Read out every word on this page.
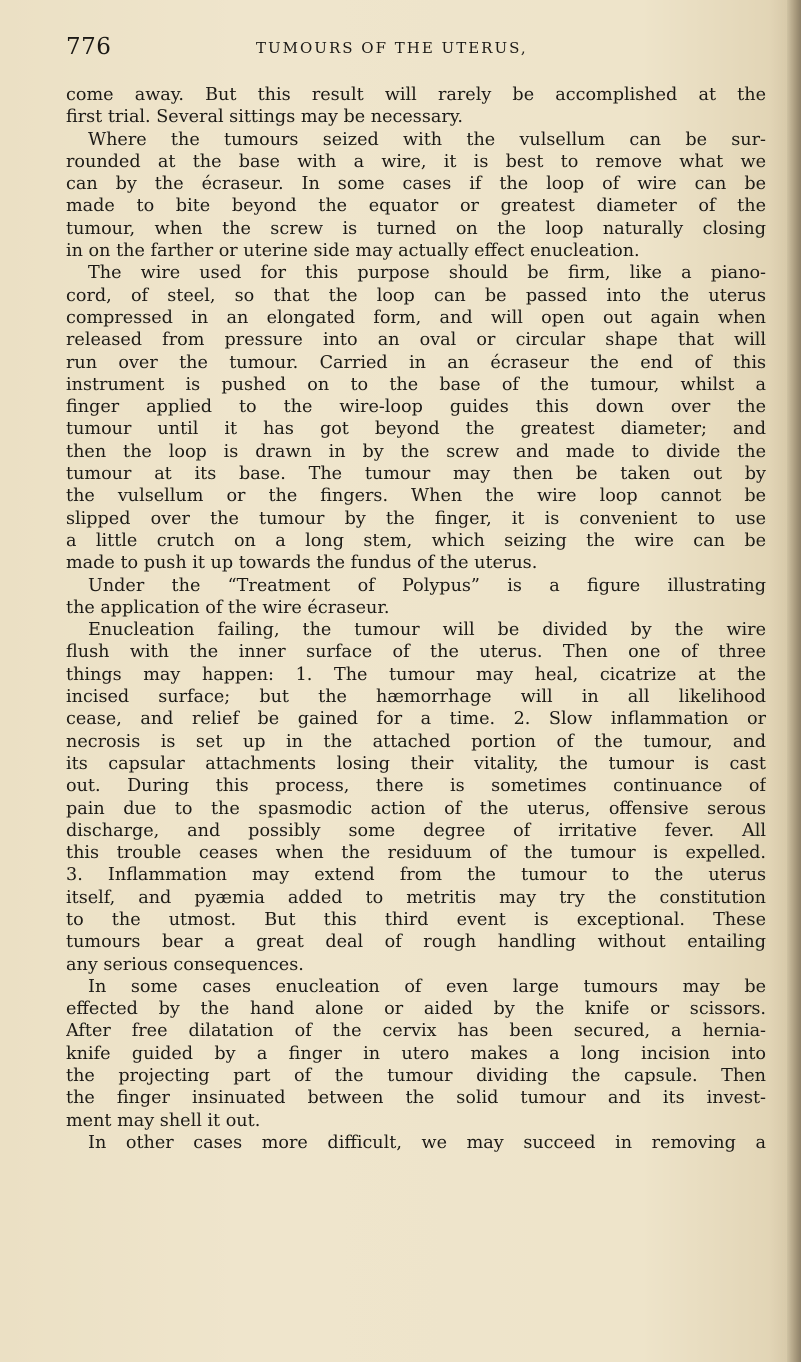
776	TUMOURS OF THE UTERUS,
come away. But this result will rarely be accomplished at the
first trial. Several sittings may be necessary.
Where the tumours seized with the vulsellum can be sur-
rounded at the base with a wire, it is best to remove what we
can by the écraseur. In some cases if the loop of wire can be
made to bite beyond the equator or greatest diameter of the
tumour, when the screw is turned on the loop naturally closing
in on the farther or uterine side may actually effect enucleation.
The wire used for this purpose should be firm, like a piano-
cord, of steel, so that the loop can be passed into the uterus
compressed in an elongated form, and will open out again when
released from pressure into an oval or circular shape that will
run over the tumour. Carried in an écraseur the end of this
instrument is pushed on to the base of the tumour, whilst a
finger applied to the wire-loop guides this down over the
tumour until it has got beyond the greatest diameter; and
then the loop is drawn in by the screw and made to divide the
tumour at its base. The tumour may then be taken out by
the vulsellum or the fingers. When the wire loop cannot be
slipped over the tumour by the finger, it is convenient to use
a little crutch on a long stem, which seizing the wire can be
made to push it up towards the fundus of the uterus.
Under the “Treatment of Polypus” is a figure illustrating
the application of the wire écraseur.
Enucleation failing, the tumour will be divided by the wire
flush with the inner surface of the uterus. Then one of three
things may happen: 1. The tumour may heal, cicatrize at the
incised surface; but the hæmorrhage will in all likelihood
cease, and relief be gained for a time. 2. Slow inflammation or
necrosis is set up in the attached portion of the tumour, and
its capsular attachments losing their vitality, the tumour is cast
out. During this process, there is sometimes continuance of
pain due to the spasmodic action of the uterus, offensive serous
discharge, and possibly some degree of irritative fever. All
this trouble ceases when the residuum of the tumour is expelled.
3. Inflammation may extend from the tumour to the uterus
itself, and pyæmia added to metritis may try the constitution
to the utmost. But this third event is exceptional. These
tumours bear a great deal of rough handling without entailing
any serious consequences.
In some cases enucleation of even large tumours may be
effected by the hand alone or aided by the knife or scissors.
After free dilatation of the cervix has been secured, a hernia-
knife guided by a finger in utero makes a long incision into
the projecting part of the tumour dividing the capsule. Then
the finger insinuated between the solid tumour and its invest-
ment may shell it out.
In other cases more difficult, we may succeed in removing a
